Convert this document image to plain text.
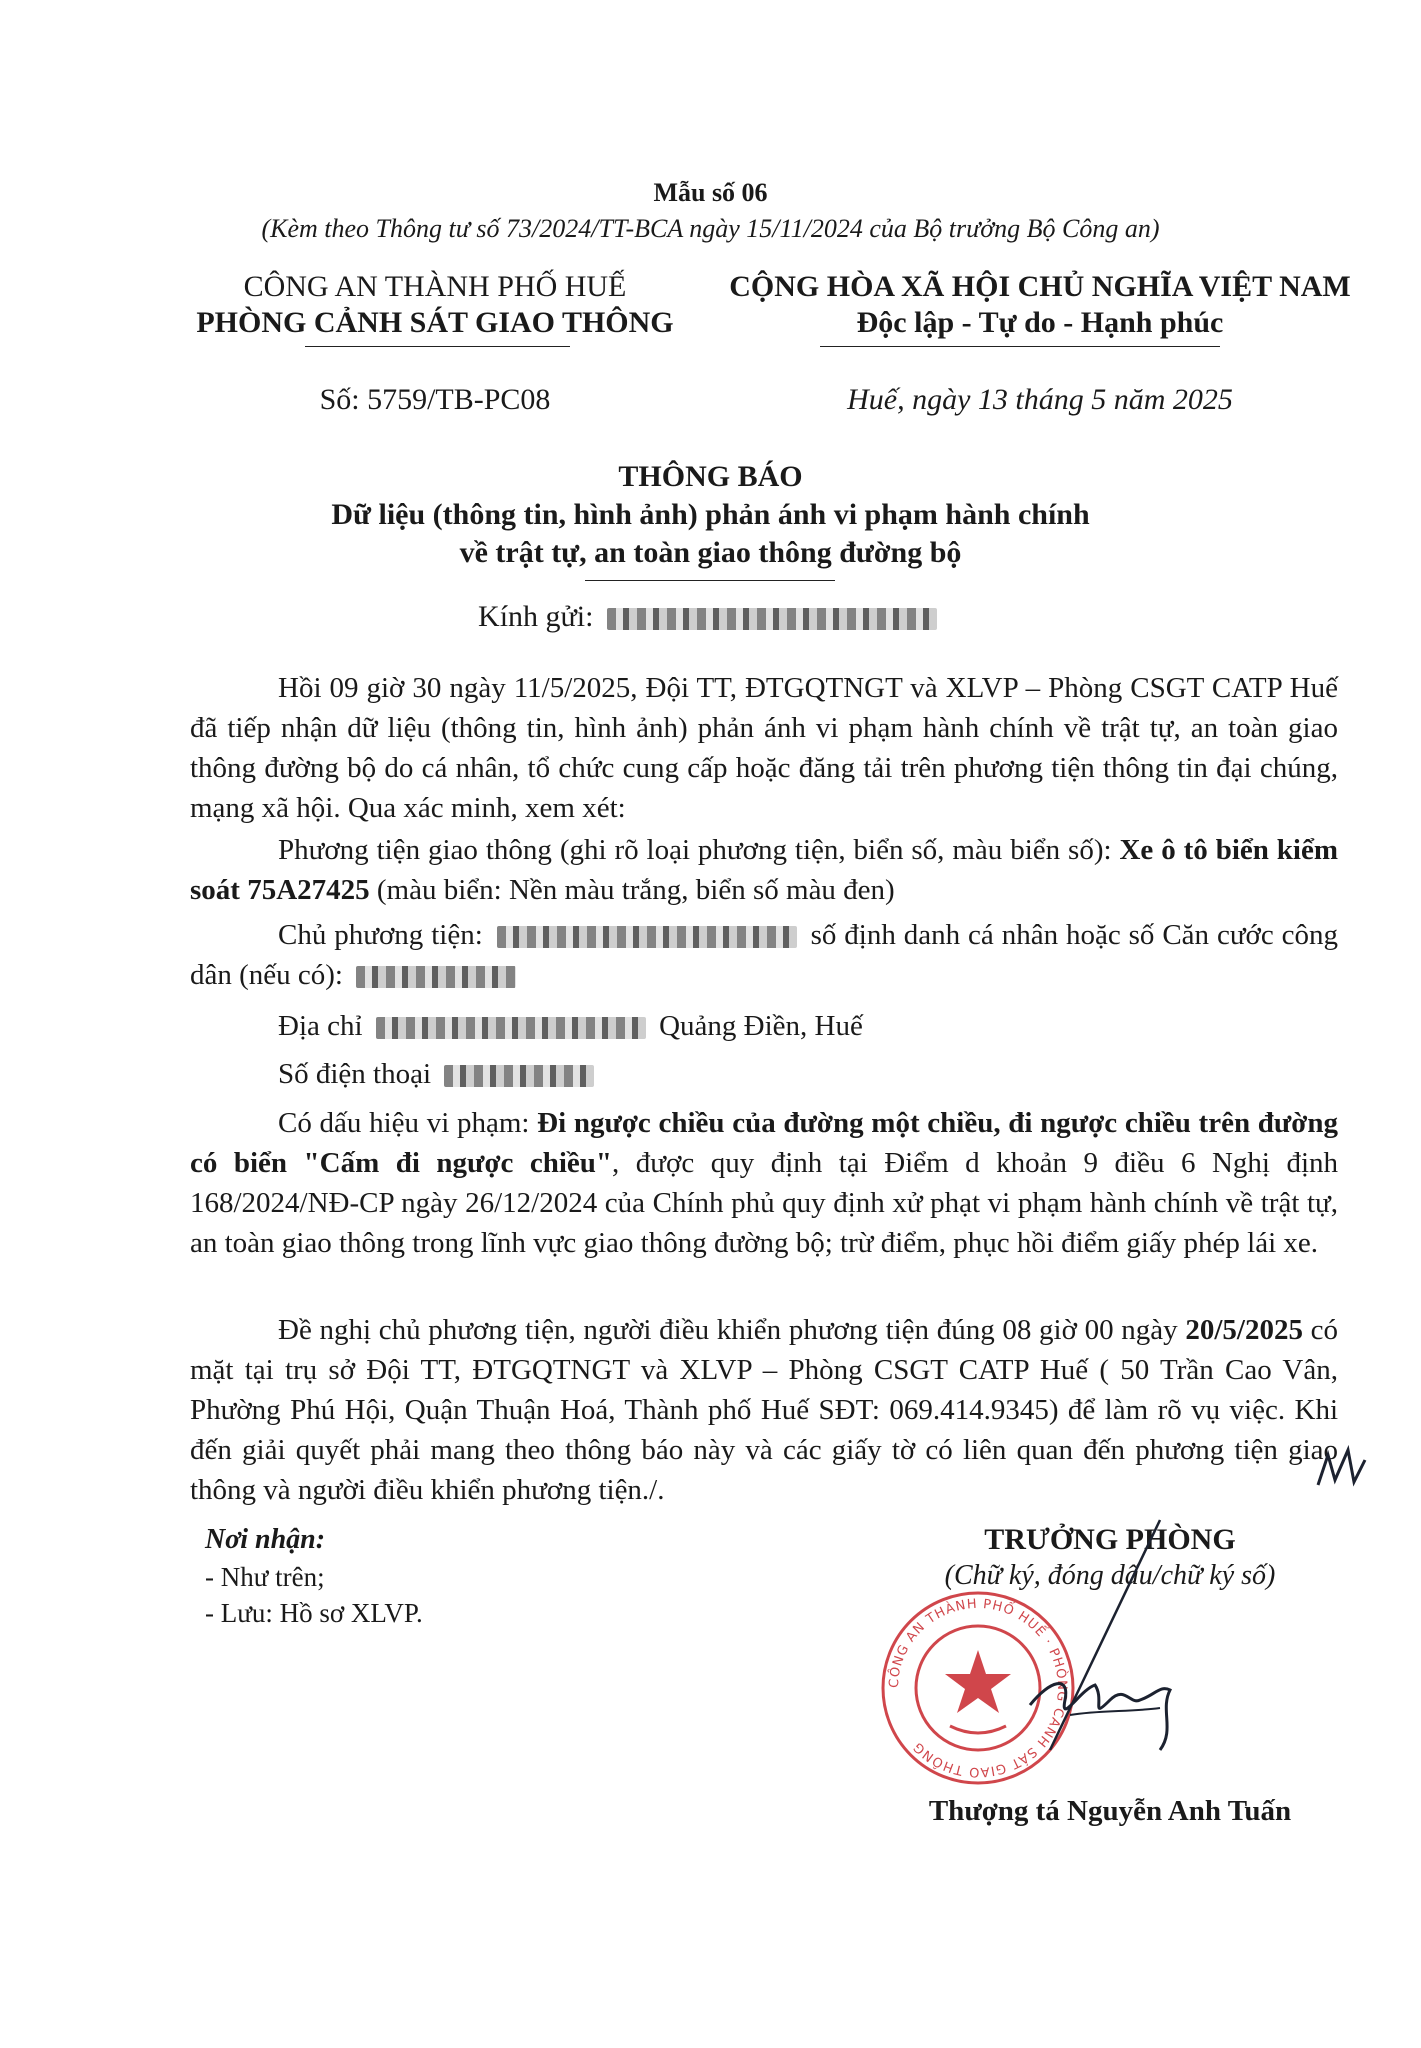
Mẫu số 06
(Kèm theo Thông tư số 73/2024/TT-BCA ngày 15/11/2024 của Bộ trưởng Bộ Công an)
CÔNG AN THÀNH PHỐ HUẾ
PHÒNG CẢNH SÁT GIAO THÔNG
CỘNG HÒA XÃ HỘI CHỦ NGHĨA VIỆT NAM
Độc lập - Tự do - Hạnh phúc
Số: 5759/TB-PC08	Huế, ngày 13 tháng 5 năm 2025
THÔNG BÁO
Dữ liệu (thông tin, hình ảnh) phản ánh vi phạm hành chính
về trật tự, an toàn giao thông đường bộ
Kính gửi:

Hồi 09 giờ 30 ngày 11/5/2025, Đội TT, ĐTGQTNGT và XLVP – Phòng CSGT CATP Huế đã tiếp nhận dữ liệu (thông tin, hình ảnh) phản ánh vi phạm hành chính về trật tự, an toàn giao thông đường bộ do cá nhân, tổ chức cung cấp hoặc đăng tải trên phương tiện thông tin đại chúng, mạng xã hội. Qua xác minh, xem xét:

Phương tiện giao thông (ghi rõ loại phương tiện, biển số, màu biển số): Xe ô tô biển kiểm soát 75A27425 (màu biển: Nền màu trắng, biển số màu đen)

Chủ phương tiện:	số định danh cá nhân hoặc số Căn cước công dân (nếu có):

Địa chỉ	Quảng Điền, Huế

Số điện thoại

Có dấu hiệu vi phạm: Đi ngược chiều của đường một chiều, đi ngược chiều trên đường có biển "Cấm đi ngược chiều", được quy định tại Điểm d khoản 9 điều 6 Nghị định 168/2024/NĐ-CP ngày 26/12/2024 của Chính phủ quy định xử phạt vi phạm hành chính về trật tự, an toàn giao thông trong lĩnh vực giao thông đường bộ; trừ điểm, phục hồi điểm giấy phép lái xe.

Đề nghị chủ phương tiện, người điều khiển phương tiện đúng 08 giờ 00 ngày 20/5/2025 có mặt tại trụ sở Đội TT, ĐTGQTNGT và XLVP – Phòng CSGT CATP Huế ( 50 Trần Cao Vân, Phường Phú Hội, Quận Thuận Hoá, Thành phố Huế SĐT: 069.414.9345) để làm rõ vụ việc. Khi đến giải quyết phải mang theo thông báo này và các giấy tờ có liên quan đến phương tiện giao thông và người điều khiển phương tiện./.

Nơi nhận:
- Như trên;
- Lưu: Hồ sơ XLVP.
TRƯỞNG PHÒNG
(Chữ ký, đóng dấu/chữ ký số)
CÔNG AN THÀNH PHỐ HUẾ · PHÒNG CẢNH SÁT GIAO THÔNG
Thượng tá Nguyễn Anh Tuấn
